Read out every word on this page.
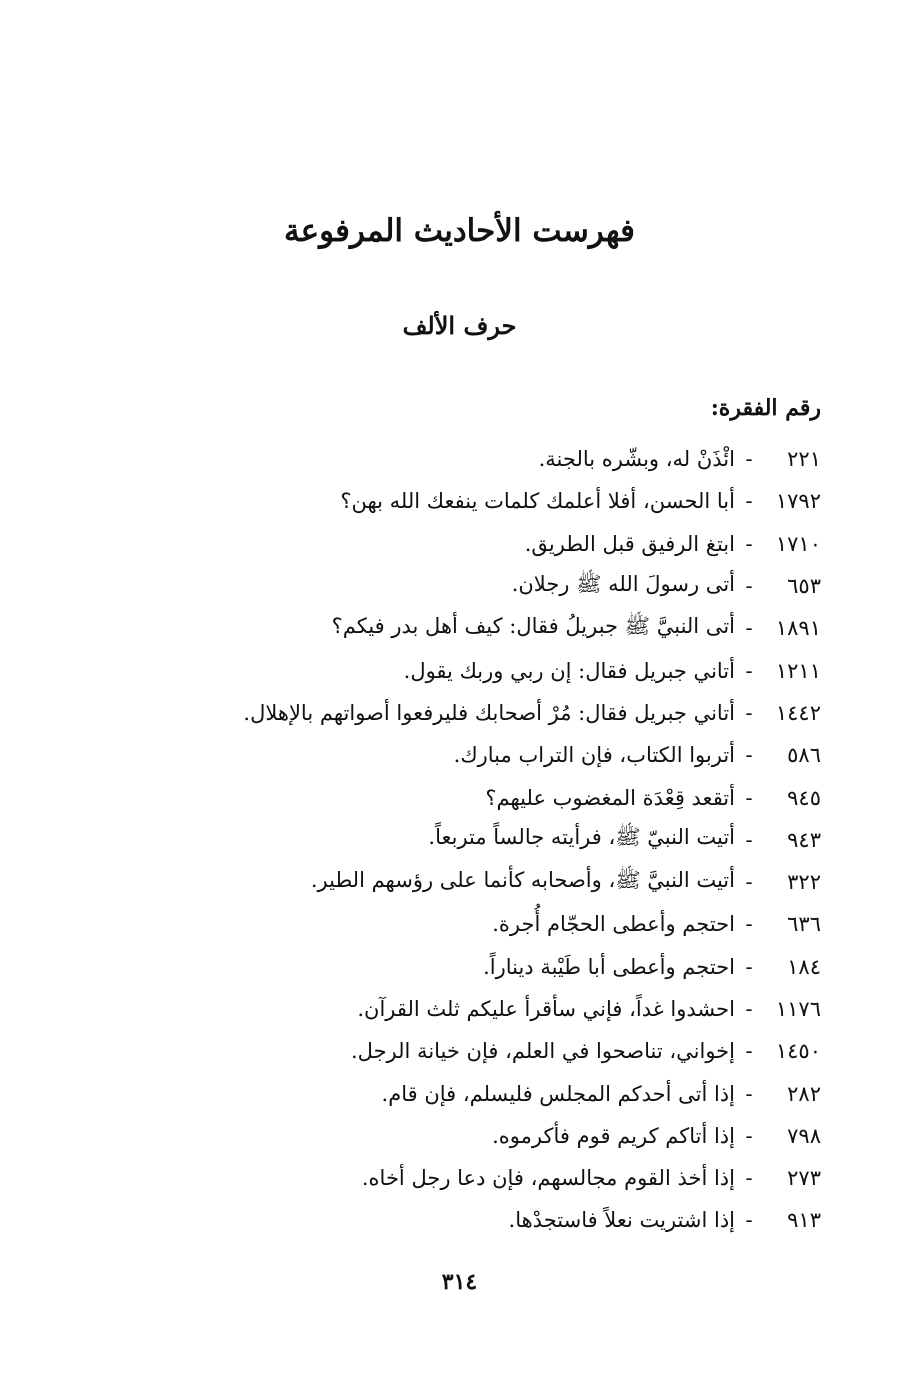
فهرست الأحاديث المرفوعة
حرف الألف
رقم الفقرة:
٢٢١
-
ائْذَنْ له، وبشّره بالجنة.
١٧٩٢
-
أبا الحسن، أفلا أعلمك كلمات ينفعك الله بهن؟
١٧١٠
-
ابتغ الرفيق قبل الطريق.
٦٥٣
-
أتى رسولَ الله ﷺ رجلان.
١٨٩١
-
أتى النبيَّ ﷺ جبريلُ فقال: كيف أهل بدر فيكم؟
١٢١١
-
أتاني جبريل فقال: إن ربي وربك يقول.
١٤٤٢
-
أتاني جبريل فقال: مُرْ أصحابك فليرفعوا أصواتهم بالإهلال.
٥٨٦
-
أتربوا الكتاب، فإن التراب مبارك.
٩٤٥
-
أتقعد قِعْدَة المغضوب عليهم؟
٩٤٣
-
أتيت النبيّ ﷺ، فرأيته جالساً متربعاً.
٣٢٢
-
أتيت النبيَّ ﷺ، وأصحابه كأنما على رؤسهم الطير.
٦٣٦
-
احتجم وأعطى الحجّام أُجرة.
١٨٤
-
احتجم وأعطى أبا طَيْبة ديناراً.
١١٧٦
-
احشدوا غداً، فإني سأقرأ عليكم ثلث القرآن.
١٤٥٠
-
إخواني، تناصحوا في العلم، فإن خيانة الرجل.
٢٨٢
-
إذا أتى أحدكم المجلس فليسلم، فإن قام.
٧٩٨
-
إذا أتاكم كريم قوم فأكرموه.
٢٧٣
-
إذا أخذ القوم مجالسهم، فإن دعا رجل أخاه.
٩١٣
-
إذا اشتريت نعلاً فاستجدْها.
٣١٤
